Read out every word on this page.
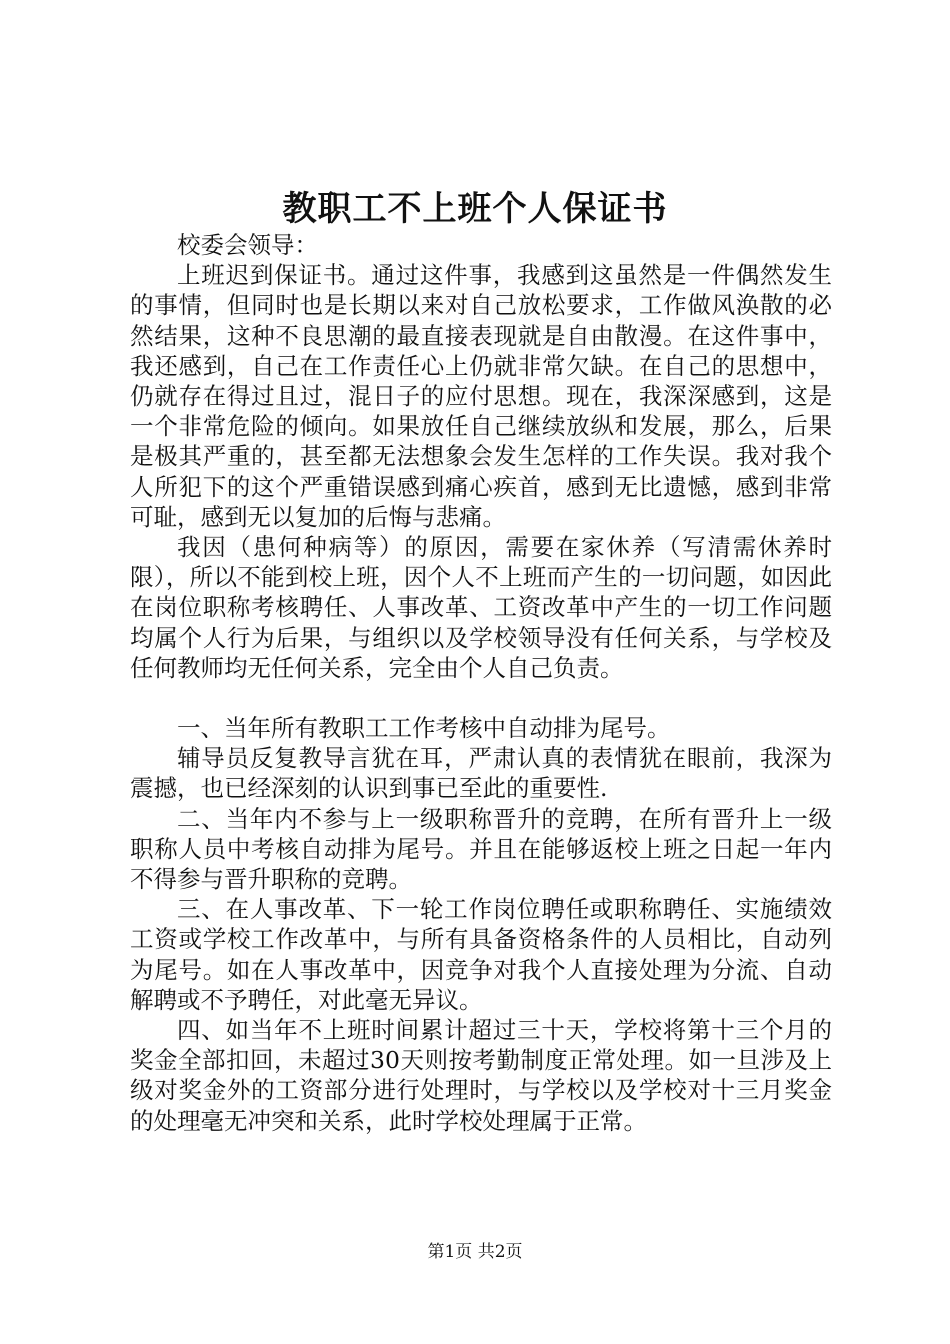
教职工不上班个人保证书

校委会领导：

上班迟到保证书。通过这件事，我感到这虽然是一件偶然发生的事情，但同时也是长期以来对自己放松要求，工作做风涣散的必然结果，这种不良思潮的最直接表现就是自由散漫。在这件事中，我还感到，自己在工作责任心上仍就非常欠缺。在自己的思想中，仍就存在得过且过，混日子的应付思想。现在，我深深感到，这是一个非常危险的倾向。如果放任自己继续放纵和发展，那么，后果是极其严重的，甚至都无法想象会发生怎样的工作失误。我对我个人所犯下的这个严重错误感到痛心疾首，感到无比遗憾，感到非常可耻，感到无以复加的后悔与悲痛。

我因（患何种病等）的原因，需要在家休养（写清需休养时限），所以不能到校上班，因个人不上班而产生的一切问题，如因此在岗位职称考核聘任、人事改革、工资改革中产生的一切工作问题均属个人行为后果，与组织以及学校领导没有任何关系，与学校及任何教师均无任何关系，完全由个人自己负责。

一、当年所有教职工工作考核中自动排为尾号。

辅导员反复教导言犹在耳，严肃认真的表情犹在眼前，我深为震撼，也已经深刻的认识到事已至此的重要性.

二、当年内不参与上一级职称晋升的竞聘，在所有晋升上一级职称人员中考核自动排为尾号。并且在能够返校上班之日起一年内不得参与晋升职称的竞聘。

三、在人事改革、下一轮工作岗位聘任或职称聘任、实施绩效工资或学校工作改革中，与所有具备资格条件的人员相比，自动列为尾号。如在人事改革中，因竞争对我个人直接处理为分流、自动解聘或不予聘任，对此毫无异议。

四、如当年不上班时间累计超过三十天，学校将第十三个月的奖金全部扣回，未超过30天则按考勤制度正常处理。如一旦涉及上级对奖金外的工资部分进行处理时，与学校以及学校对十三月奖金的处理毫无冲突和关系，此时学校处理属于正常。

第1页 共2页
